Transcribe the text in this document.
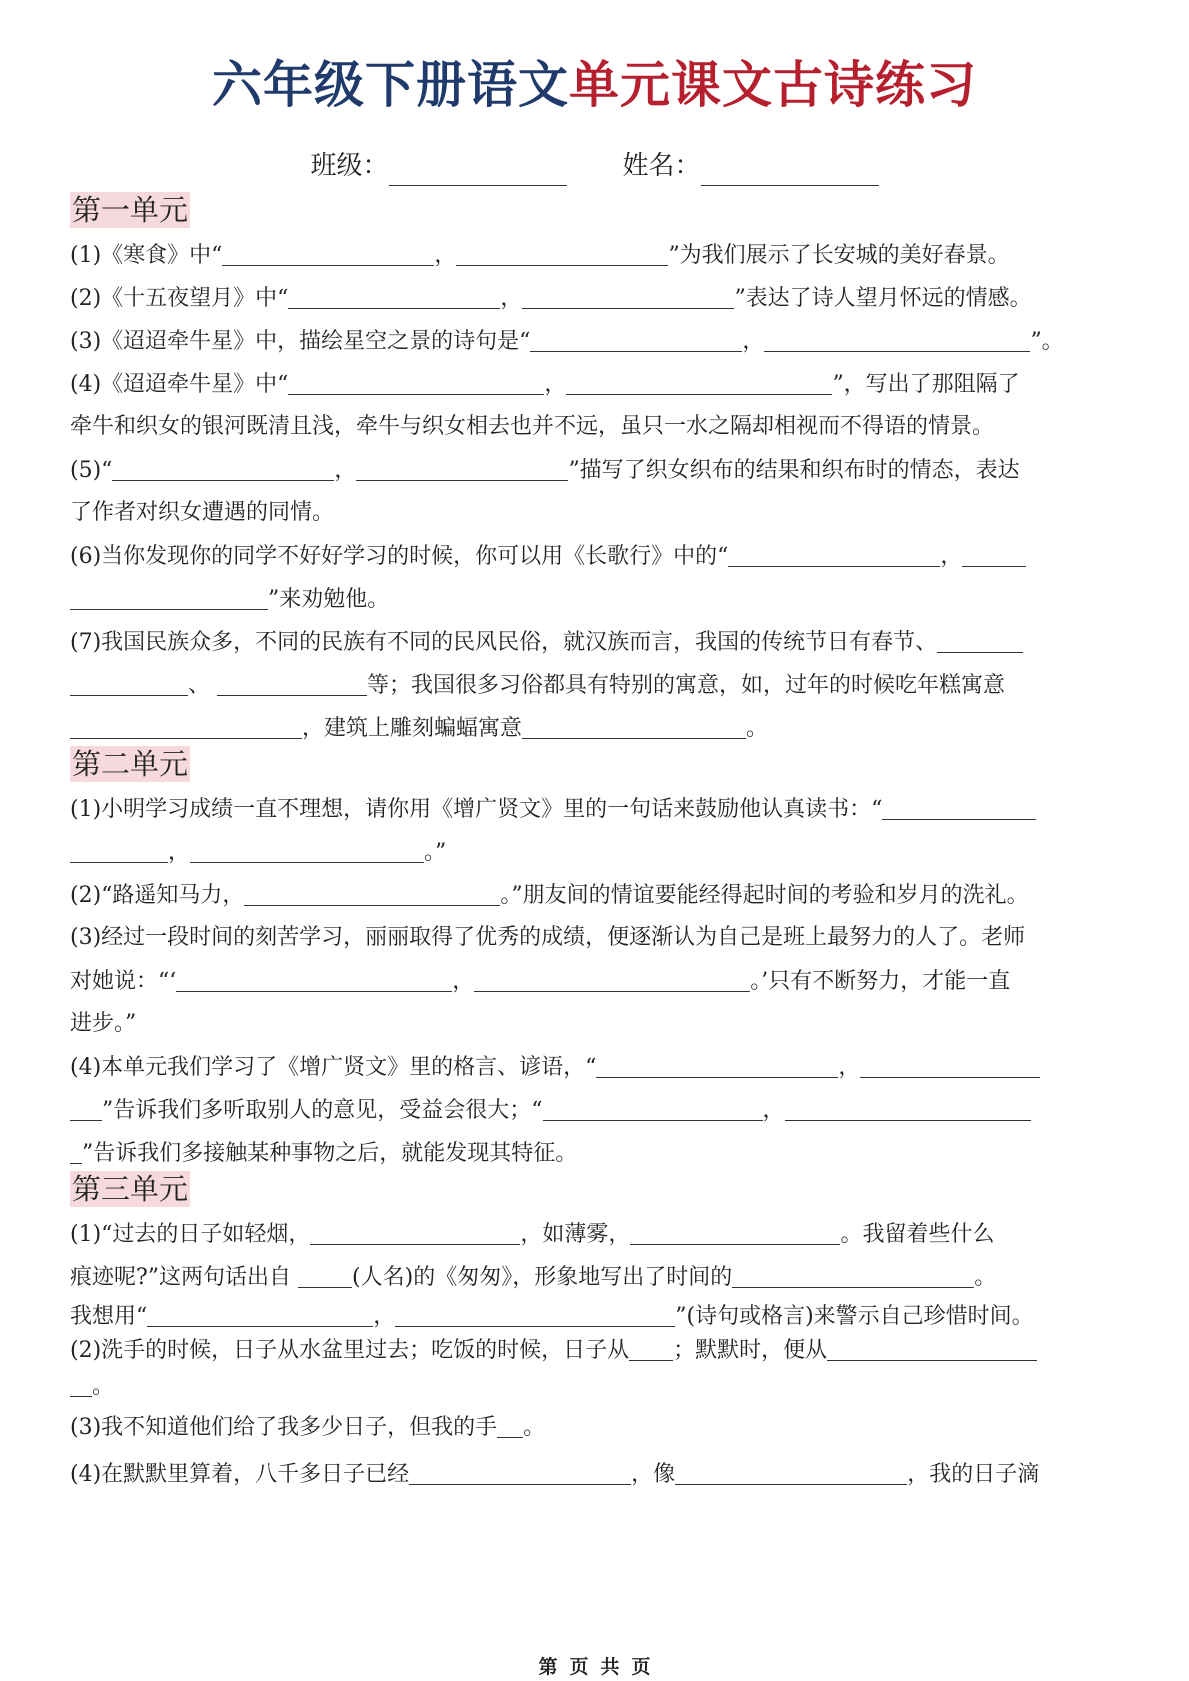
六年级下册语文单元课文古诗练习
班级：	姓名：
第一单元
(1)《寒食》中“	，	”为我们展示了长安城的美好春景。
(2)《十五夜望月》中“	，	”表达了诗人望月怀远的情感。
(3)《迢迢牵牛星》中，描绘星空之景的诗句是“	，	”。
(4)《迢迢牵牛星》中“	，	”，写出了那阻隔了
牵牛和织女的银河既清且浅，牵牛与织女相去也并不远，虽只一水之隔却相视而不得语的情景。
(5)“	，	”描写了织女织布的结果和织布时的情态，表达
了作者对织女遭遇的同情。
(6)当你发现你的同学不好好学习的时候，你可以用《长歌行》中的“	，
”来劝勉他。
(7)我国民族众多，不同的民族有不同的民风民俗，就汉族而言，我国的传统节日有春节、
、	等；我国很多习俗都具有特别的寓意，如，过年的时候吃年糕寓意
，建筑上雕刻蝙蝠寓意	。
第二单元
(1)小明学习成绩一直不理想，请你用《增广贤文》里的一句话来鼓励他认真读书：“
，	。”
(2)“路遥知马力，	。”朋友间的情谊要能经得起时间的考验和岁月的洗礼。
(3)经过一段时间的刻苦学习，丽丽取得了优秀的成绩，便逐渐认为自己是班上最努力的人了。老师
对她说：“‘	，	。’只有不断努力，才能一直
进步。”
(4)本单元我们学习了《增广贤文》里的格言、谚语，“	，
”告诉我们多听取别人的意见，受益会很大；“	，
”告诉我们多接触某种事物之后，就能发现其特征。
第三单元
(1)“过去的日子如轻烟，	，如薄雾，	。我留着些什么
痕迹呢?”这两句话出自 (人名)的《匆匆》，形象地写出了时间的	。
我想用“	，	”(诗句或格言)来警示自己珍惜时间。
(2)洗手的时候，日子从水盆里过去；吃饭的时候，日子从 ；默默时，便从
。
(3)我不知道他们给了我多少日子，但我的手 。
(4)在默默里算着，八千多日子已经	，像	，我的日子滴
第 页 共 页
